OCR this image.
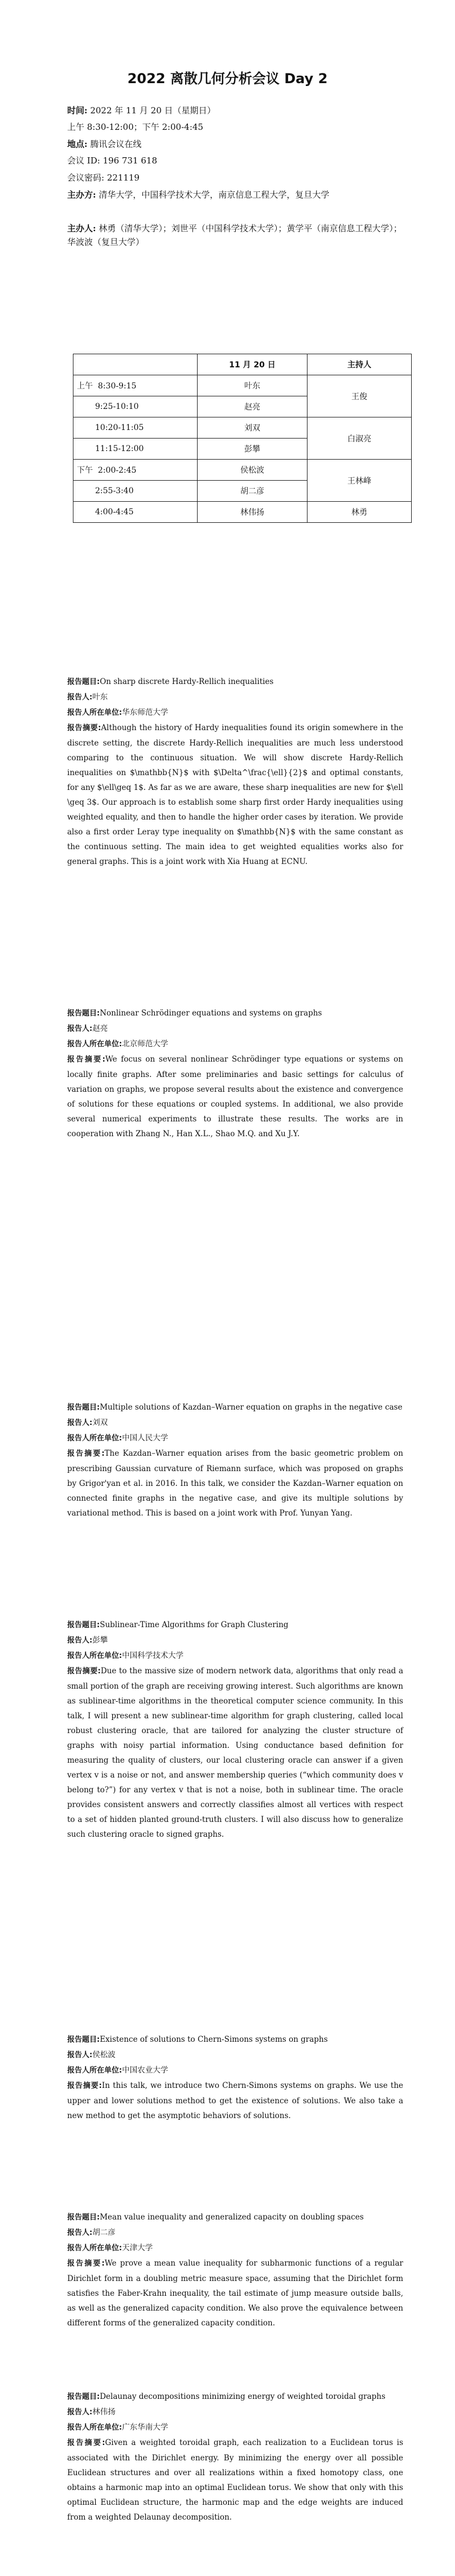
2022 离散几何分析会议 Day 2
时间: 2022 年 11 月 20 日（星期日）
上午 8:30-12:00；下午 2:00-4:45
地点: 腾讯会议在线
会议 ID: 196 731 618
会议密码: 221119
主办方: 清华大学，中国科学技术大学，南京信息工程大学，复旦大学
主办人: 林勇（清华大学）；刘世平（中国科学技术大学）；黄学平（南京信息工程大学）；华波波（复旦大学）
	11 月 20 日	主持人
上午 8:30-9:15	叶东	王俊
9:25-10:10	赵亮	
10:20-11:05	刘双	白淑亮
11:15-12:00	彭攀	
下午 2:00-2:45	侯松波	王林峰
2:55-3:40	胡二彦	
4:00-4:45	林伟扬	林勇

报告题目:On sharp discrete Hardy-Rellich inequalities

报告人:叶东

报告人所在单位:华东师范大学

报告摘要:Although the history of Hardy inequalities found its origin somewhere in the discrete setting, the discrete Hardy-Rellich inequalities are much less understood comparing to the continuous situation. We will show discrete Hardy-Rellich inequalities on $\mathbb{N}$ with $\Delta^\frac{\ell}{2}$ and optimal constants, for any $\ell\geq 1$. As far as we are aware, these sharp inequalities are new for $\ell \geq 3$. Our approach is to establish some sharp first order Hardy inequalities using weighted equality, and then to handle the higher order cases by iteration. We provide also a first order Leray type inequality on $\mathbb{N}$ with the same constant as the continuous setting. The main idea to get weighted equalities works also for general graphs. This is a joint work with Xia Huang at ECNU.

报告题目:Nonlinear Schrödinger equations and systems on graphs

报告人:赵亮

报告人所在单位:北京师范大学

报告摘要:We focus on several nonlinear Schrödinger type equations or systems on locally finite graphs. After some preliminaries and basic settings for calculus of variation on graphs, we propose several results about the existence and convergence of solutions for these equations or coupled systems. In additional, we also provide several numerical experiments to illustrate these results. The works are in cooperation with Zhang N., Han X.L., Shao M.Q. and Xu J.Y.

报告题目:Multiple solutions of Kazdan–Warner equation on graphs in the negative case

报告人:刘双

报告人所在单位:中国人民大学

报告摘要:The Kazdan–Warner equation arises from the basic geometric problem on prescribing Gaussian curvature of Riemann surface, which was proposed on graphs by Grigor'yan et al. in 2016. In this talk, we consider the Kazdan–Warner equation on connected finite graphs in the negative case, and give its multiple solutions by variational method. This is based on a joint work with Prof. Yunyan Yang.

报告题目:Sublinear-Time Algorithms for Graph Clustering

报告人:彭攀

报告人所在单位:中国科学技术大学

报告摘要:Due to the massive size of modern network data, algorithms that only read a small portion of the graph are receiving growing interest. Such algorithms are known as sublinear-time algorithms in the theoretical computer science community. In this talk, I will present a new sublinear-time algorithm for graph clustering, called local robust clustering oracle, that are tailored for analyzing the cluster structure of graphs with noisy partial information. Using conductance based definition for measuring the quality of clusters, our local clustering oracle can answer if a given vertex v is a noise or not, and answer membership queries (“which community does v belong to?”) for any vertex v that is not a noise, both in sublinear time. The oracle provides consistent answers and correctly classifies almost all vertices with respect to a set of hidden planted ground-truth clusters. I will also discuss how to generalize such clustering oracle to signed graphs.

报告题目:Existence of solutions to Chern-Simons systems on graphs

报告人:侯松波

报告人所在单位:中国农业大学

报告摘要:In this talk, we introduce two Chern-Simons systems on graphs. We use the upper and lower solutions method to get the existence of solutions. We also take a new method to get the asymptotic behaviors of solutions.

报告题目:Mean value inequality and generalized capacity on doubling spaces

报告人:胡二彦

报告人所在单位:天津大学

报告摘要:We prove a mean value inequality for subharmonic functions of a regular Dirichlet form in a doubling metric measure space, assuming that the Dirichlet form satisfies the Faber-Krahn inequality, the tail estimate of jump measure outside balls, as well as the generalized capacity condition. We also prove the equivalence between different forms of the generalized capacity condition.

报告题目:Delaunay decompositions minimizing energy of weighted toroidal graphs

报告人:林伟扬

报告人所在单位:广东华南大学

报告摘要:Given a weighted toroidal graph, each realization to a Euclidean torus is associated with the Dirichlet energy. By minimizing the energy over all possible Euclidean structures and over all realizations within a fixed homotopy class, one obtains a harmonic map into an optimal Euclidean torus. We show that only with this optimal Euclidean structure, the harmonic map and the edge weights are induced from a weighted Delaunay decomposition.
